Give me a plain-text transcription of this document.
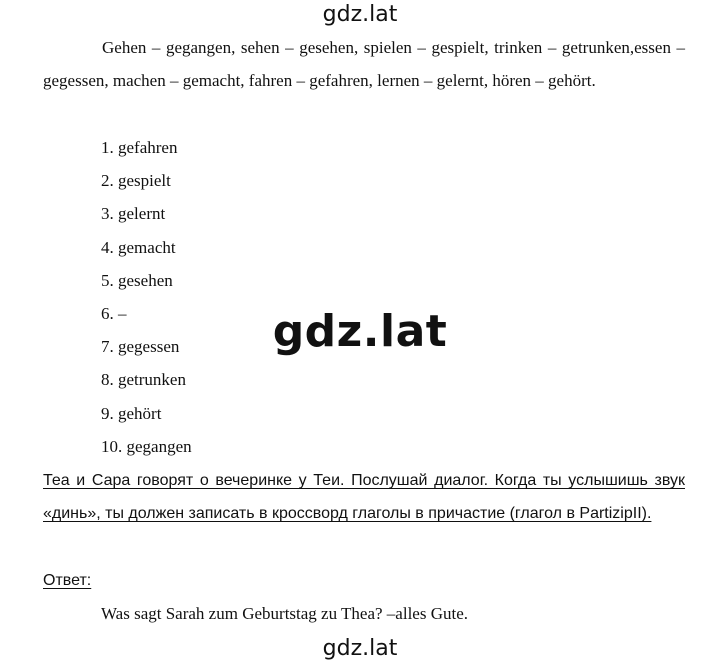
gdz.lat

Gehen – gegangen, sehen – gesehen, spielen – gespielt, trinken – getrunken,essen – gegessen, machen – gemacht, fahren – gefahren, lernen – gelernt, hören – gehört.

1. gefahren
2. gespielt
3. gelernt
4. gemacht
5. gesehen
6. –
7. gegessen
8. getrunken
9. gehört
10. gegangen

Теа и Сара говорят о вечеринке у Теи. Послушай диалог. Когда ты услышишь звук «динь», ты должен записать в кроссворд глаголы в причастие (глагол в PartizipII).

Ответ:

Was sagt Sarah zum Geburtstag zu Thea? –alles Gute.

gdz.lat
gdz.lat
